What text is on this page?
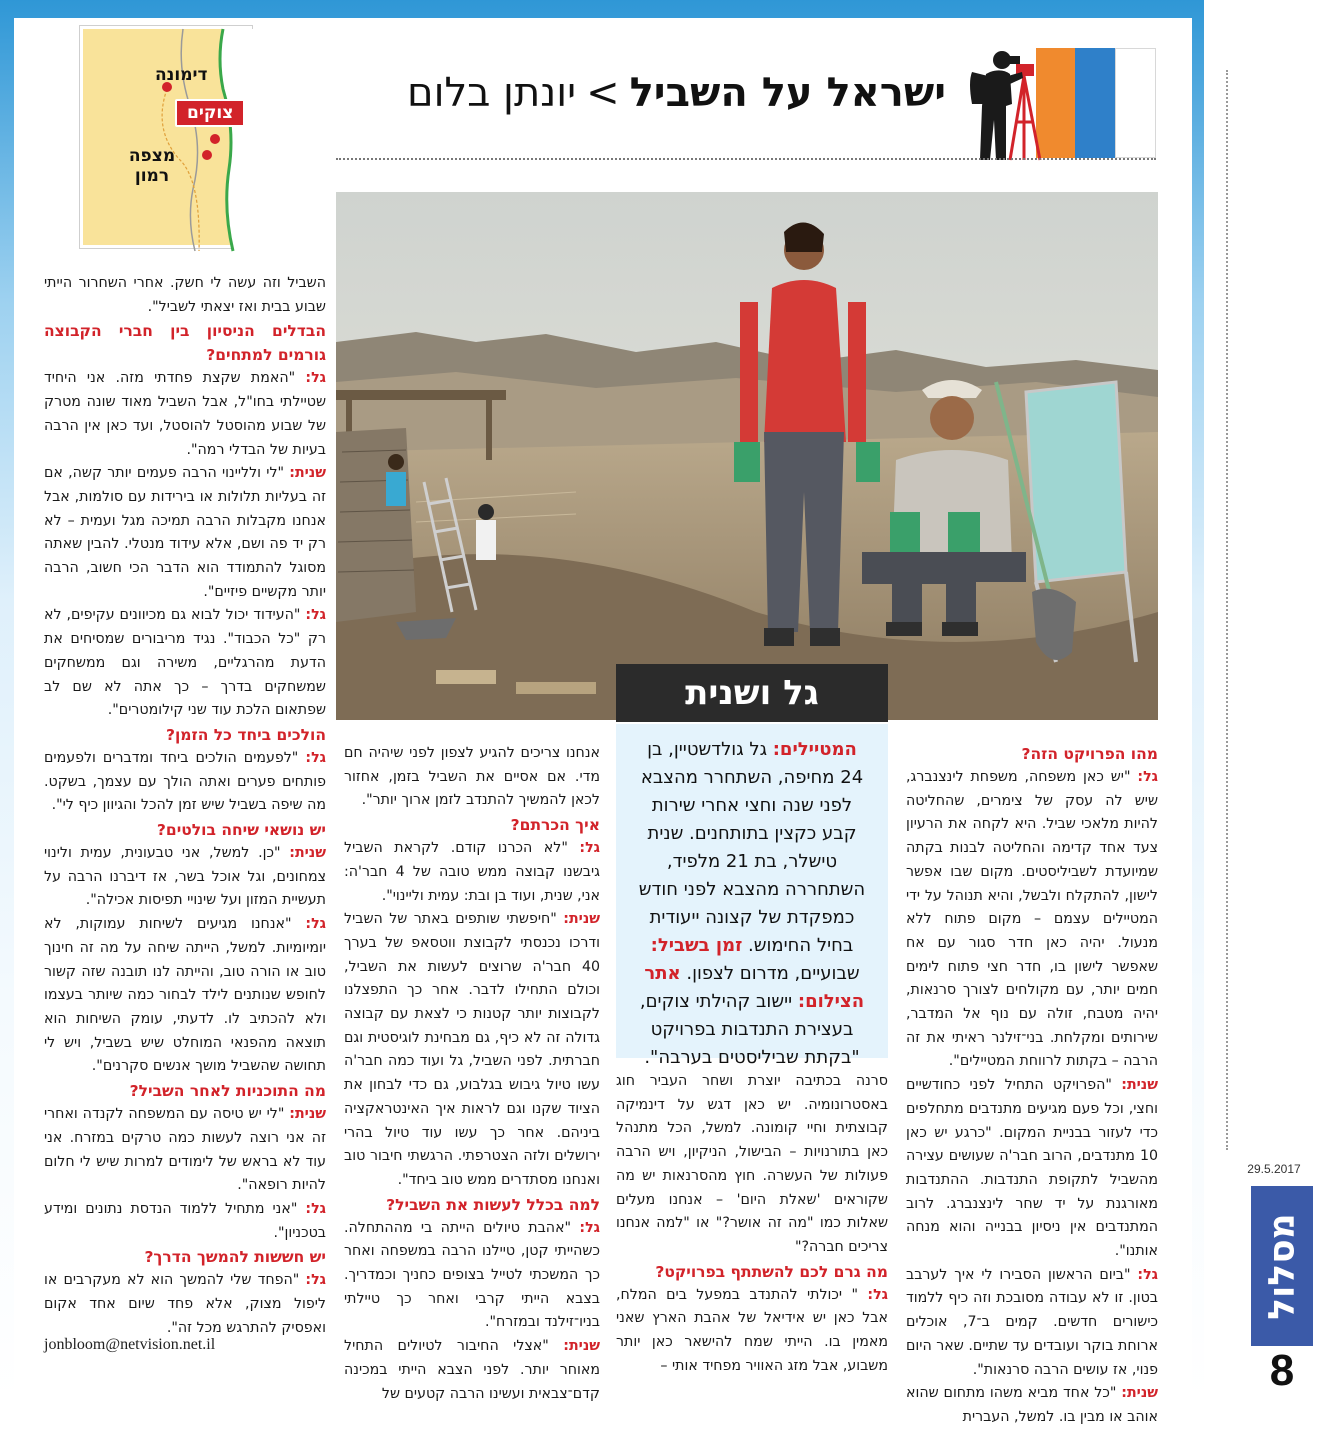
29.5.2017
מסלול
8
ישראל על השביל>יונתן בלום
דימונה
צוקים
מצפה רמון
גל ושנית
המטיילים: גל גולדשטיין, בן 24 מחיפה, השתחרר מהצבא לפני שנה וחצי אחרי שירות קבע כקצין בתותחנים. שנית טישלר, בת 21 מלפיד, השתחררה מהצבא לפני חודש כמפקדת של קצונה ייעודית בחיל החימוש. זמן בשביל: שבועיים, מדרום לצפון. אתר הצילום: יישוב קהילתי צוקים, בעצירת התנדבות בפרויקט "בקתת שביליסטים בערבה".
מהו הפרויקט הזה?

גל: "יש כאן משפחה, משפחת לינצנברג, שיש לה עסק של צימרים, שהחליטה להיות מלאכי שביל. היא לקחה את הרעיון צעד אחד קדימה והחליטה לבנות בקתה שמיועדת לשביליסטים. מקום שבו אפשר לישון, להתקלח ולבשל, והיא תנוהל על ידי המטיילים עצמם – מקום פתוח ללא מנעול. יהיה כאן חדר סגור עם אח שאפשר לישון בו, חדר חצי פתוח לימים חמים יותר, עם מקולחים לצורך סרנאות, יהיה מטבח, זולה עם נוף אל המדבר, שירותים ומקלחת. בני־זילנר ראיתי את זה הרבה – בקתות לרווחת המטיילים".

שנית: "הפרויקט התחיל לפני כחודשיים וחצי, וכל פעם מגיעים מתנדבים מתחלפים כדי לעזור בבניית המקום. "כרגע יש כאן 10 מתנדבים, הרוב חבר'ה שעושים עצירה מהשביל לתקופת התנדבות. ההתנדבות מאורגנת על יד שחר לינצנברג. לרוב המתנדבים אין ניסיון בבנייה והוא מנחה אותנו".

גל: "ביום הראשון הסבירו לי איך לערבב בטון. זו לא עבודה מסובכת וזה כיף ללמוד כישורים חדשים. קמים ב־7, אוכלים ארוחת בוקר ועובדים עד שתיים. שאר היום פנוי, אז עושים הרבה סרנאות".

שנית: "כל אחד מביא משהו מתחום שהוא אוהב או מבין בו. למשל, העברית

סרנה בכתיבה יוצרת ושחר העביר חוג באסטרונומיה. יש כאן דגש על דינמיקה קבוצתית וחיי קומונה. למשל, הכל מתנהל כאן בתורנויות – הבישול, הניקיון, ויש הרבה פעולות של העשרה. חוץ מהסרנאות יש מה שקוראים 'שאלת היום' – אנחנו מעלים שאלות כמו "מה זה אושר?" או "למה אנחנו צריכים חברה?"

מה גרם לכם להשתתף בפרויקט?

גל: " יכולתי להתנדב במפעל בים המלח, אבל כאן יש אידיאל של אהבת הארץ שאני מאמין בו. הייתי שמח להישאר כאן יותר משבוע, אבל מזג האוויר מפחיד אותי –

אנחנו צריכים להגיע לצפון לפני שיהיה חם מדי. אם אסיים את השביל בזמן, אחזור לכאן להמשיך להתנדב לזמן ארוך יותר".

איך הכרתם?

גל: "לא הכרנו קודם. לקראת השביל גיבשנו קבוצה ממש טובה של 4 חבר'ה: אני, שנית, ועוד בן ובת: עמית וליינוי".

שנית: "חיפשתי שותפים באתר של השביל ודרכו נכנסתי לקבוצת ווטסאפ של בערך 40 חבר'ה שרוצים לעשות את השביל, וכולם התחילו לדבר. אחר כך התפצלנו לקבוצות יותר קטנות כי לצאת עם קבוצה גדולה זה לא כיף, גם מבחינת לוגיסטית וגם חברתית. לפני השביל, גל ועוד כמה חבר'ה עשו טיול גיבוש בגלבוע, גם כדי לבחון את הציוד שקנו וגם לראות איך האינטראקציה ביניהם. אחר כך עשו עוד טיול בהרי ירושלים ולזה הצטרפתי. הרגשתי חיבור טוב ואנחנו מסתדרים ממש טוב ביחד".

למה בכלל לעשות את השביל?

גל: "אהבת טיולים הייתה בי מההתחלה. כשהייתי קטן, טיילנו הרבה במשפחה ואחר כך המשכתי לטייל בצופים כחניך וכמדריך. בצבא הייתי קרבי ואחר כך טיילתי בניו־זילנד ובמזרח".

שנית: "אצלי החיבור לטיולים התחיל מאוחר יותר. לפני הצבא הייתי במכינה קדם־צבאית ועשינו הרבה קטעים של

השביל וזה עשה לי חשק. אחרי השחרור הייתי שבוע בבית ואז יצאתי לשביל".

הבדלים הניסיון בין חברי הקבוצה גורמים למתחים?

גל: "האמת שקצת פחדתי מזה. אני היחיד שטיילתי בחו"ל, אבל השביל מאוד שונה מטרק של שבוע מהוסטל להוסטל, ועד כאן אין הרבה בעיות של הבדלי רמה".

שנית: "לי ולליינוי הרבה פעמים יותר קשה, אם זה בעליות תלולות או בירידות עם סולמות, אבל אנחנו מקבלות הרבה תמיכה מגל ועמית – לא רק יד פה ושם, אלא עידוד מנטלי. להבין שאתה מסוגל להתמודד הוא הדבר הכי חשוב, הרבה יותר מקשיים פיזיים".

גל: "העידוד יכול לבוא גם מכיוונים עקיפים, לא רק "כל הכבוד". נגיד מריבורים שמסיחים את הדעת מהרגליים, משירה וגם ממשחקים שמשחקים בדרך – כך אתה לא שם לב שפתאום הלכת עוד שני קילומטרים".

הולכים ביחד כל הזמן?

גל: "לפעמים הולכים ביחד ומדברים ולפעמים פותחים פערים ואתה הולך עם עצמך, בשקט. מה שיפה בשביל שיש זמן להכל והגיוון כיף לי".

יש נושאי שיחה בולטים?

שנית: "כן. למשל, אני טבעונית, עמית ולינוי צמחונים, וגל אוכל בשר, אז דיברנו הרבה על תעשיית המזון ועל שינויי תפיסות אכילה".

גל: "אנחנו מגיעים לשיחות עמוקות, לא יומיומיות. למשל, הייתה שיחה על מה זה חינוך טוב או הורה טוב, והייתה לנו תובנה שזה קשור לחופש שנותנים לילד לבחור כמה שיותר בעצמו ולא להכתיב לו. לדעתי, עומק השיחות הוא תוצאה מהפנאי המוחלט שיש בשביל, ויש לי תחושה שהשביל מושך אנשים סקרנים".

מה התוכניות לאחר השביל?

שנית: "לי יש טיסה עם המשפחה לקנדה ואחרי זה אני רוצה לעשות כמה טרקים במזרח. אני עוד לא בראש של לימודים למרות שיש לי חלום להיות רופאה".

גל: "אני מתחיל ללמוד הנדסת נתונים ומידע בטכניון".

יש חששות להמשך הדרך?

גל: "הפחד שלי להמשך הוא לא מעקרבים או ליפול מצוק, אלא פחד שיום אחד אקום ואפסיק להתרגש מכל זה".

jonbloom@netvision.net.il
